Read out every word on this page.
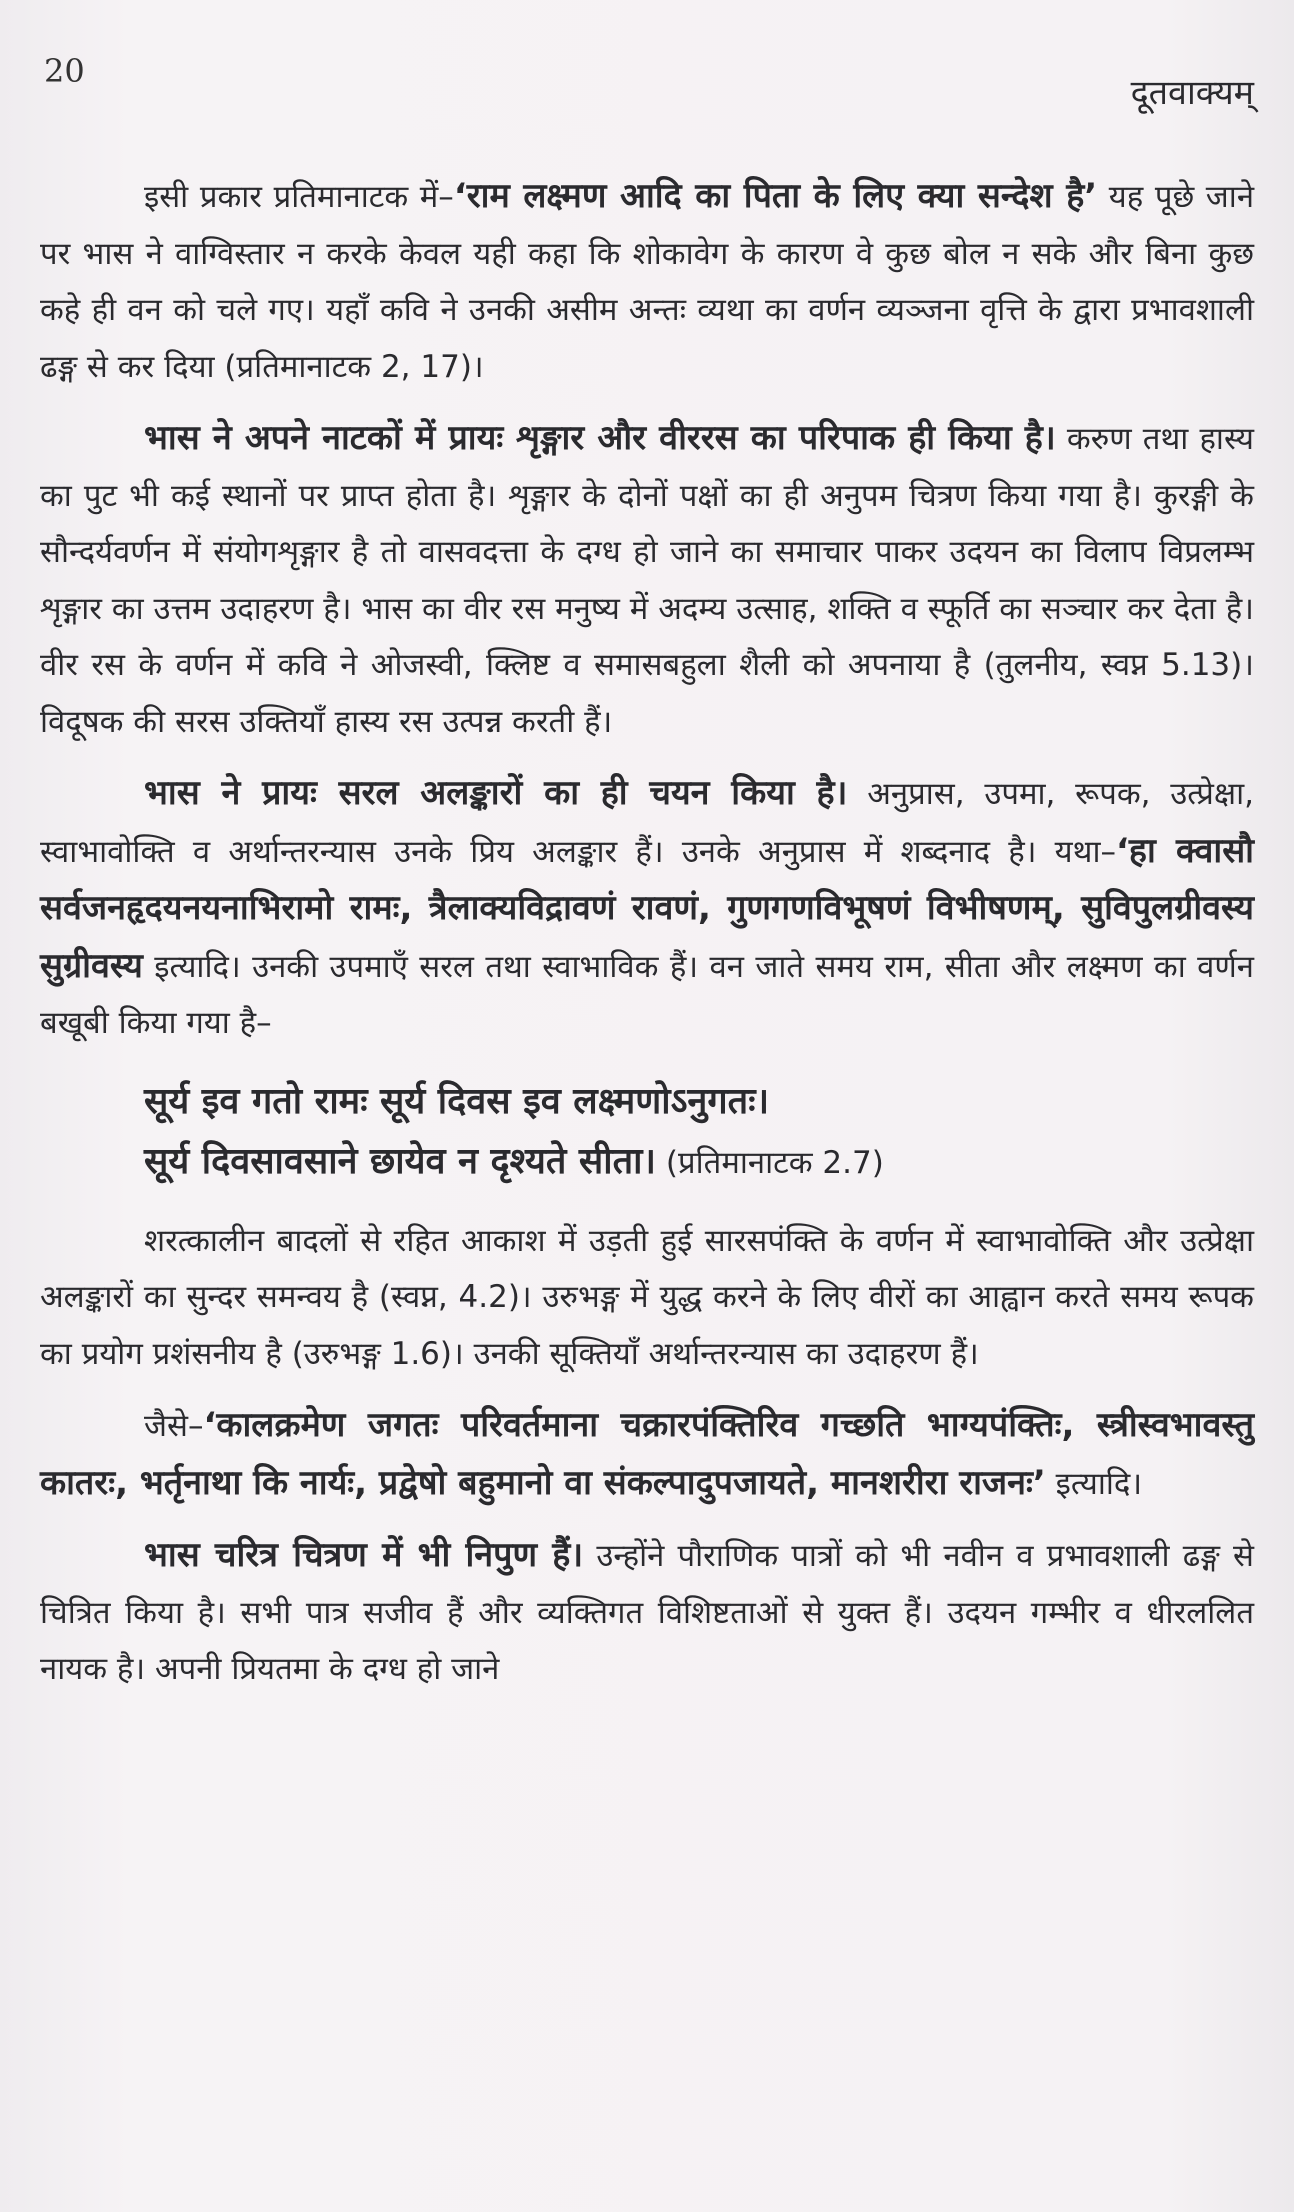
20
दूतवाक्यम्

इसी प्रकार प्रतिमानाटक में–‘राम लक्ष्मण आदि का पिता के लिए क्या सन्देश है’ यह पूछे जाने पर भास ने वाग्विस्तार न करके केवल यही कहा कि शोकावेग के कारण वे कुछ बोल न सके और बिना कुछ कहे ही वन को चले गए। यहाँ कवि ने उनकी असीम अन्तः व्यथा का वर्णन व्यञ्जना वृत्ति के द्वारा प्रभावशाली ढङ्ग से कर दिया (प्रतिमानाटक 2, 17)।

भास ने अपने नाटकों में प्रायः शृङ्गार और वीररस का परिपाक ही किया है। करुण तथा हास्य का पुट भी कई स्थानों पर प्राप्त होता है। शृङ्गार के दोनों पक्षों का ही अनुपम चित्रण किया गया है। कुरङ्गी के सौन्दर्यवर्णन में संयोगशृङ्गार है तो वासवदत्ता के दग्ध हो जाने का समाचार पाकर उदयन का विलाप विप्रलम्भ शृङ्गार का उत्तम उदाहरण है। भास का वीर रस मनुष्य में अदम्य उत्साह, शक्ति व स्फूर्ति का सञ्चार कर देता है। वीर रस के वर्णन में कवि ने ओजस्वी, क्लिष्ट व समासबहुला शैली को अपनाया है (तुलनीय, स्वप्न 5.13)। विदूषक की सरस उक्तियाँ हास्य रस उत्पन्न करती हैं।

भास ने प्रायः सरल अलङ्कारों का ही चयन किया है। अनुप्रास, उपमा, रूपक, उत्प्रेक्षा, स्वाभावोक्ति व अर्थान्तरन्यास उनके प्रिय अलङ्कार हैं। उनके अनुप्रास में शब्दनाद है। यथा–‘हा क्वासौ सर्वजनहृदयनयनाभिरामो रामः, त्रैलाक्यविद्रावणं रावणं, गुणगणविभूषणं विभीषणम्, सुविपुलग्रीवस्य सुग्रीवस्य इत्यादि। उनकी उपमाएँ सरल तथा स्वाभाविक हैं। वन जाते समय राम, सीता और लक्ष्मण का वर्णन बखूबी किया गया है–

सूर्य इव गतो रामः सूर्य दिवस इव लक्ष्मणोऽनुगतः।
सूर्य दिवसावसाने छायेव न दृश्यते सीता। (प्रतिमानाटक 2.7)

शरत्कालीन बादलों से रहित आकाश में उड़ती हुई सारसपंक्ति के वर्णन में स्वाभावोक्ति और उत्प्रेक्षा अलङ्कारों का सुन्दर समन्वय है (स्वप्न, 4.2)। उरुभङ्ग में युद्ध करने के लिए वीरों का आह्वान करते समय रूपक का प्रयोग प्रशंसनीय है (उरुभङ्ग 1.6)। उनकी सूक्तियाँ अर्थान्तरन्यास का उदाहरण हैं।

जैसे–‘कालक्रमेण जगतः परिवर्तमाना चक्रारपंक्तिरिव गच्छति भाग्यपंक्तिः, स्त्रीस्वभावस्तु कातरः, भर्तृनाथा कि नार्यः, प्रद्वेषो बहुमानो वा संकल्पादुपजायते, मानशरीरा राजनः’ इत्यादि।

भास चरित्र चित्रण में भी निपुण हैं। उन्होंने पौराणिक पात्रों को भी नवीन व प्रभावशाली ढङ्ग से चित्रित किया है। सभी पात्र सजीव हैं और व्यक्तिगत विशिष्टताओं से युक्त हैं। उदयन गम्भीर व धीरललित नायक है। अपनी प्रियतमा के दग्ध हो जाने
